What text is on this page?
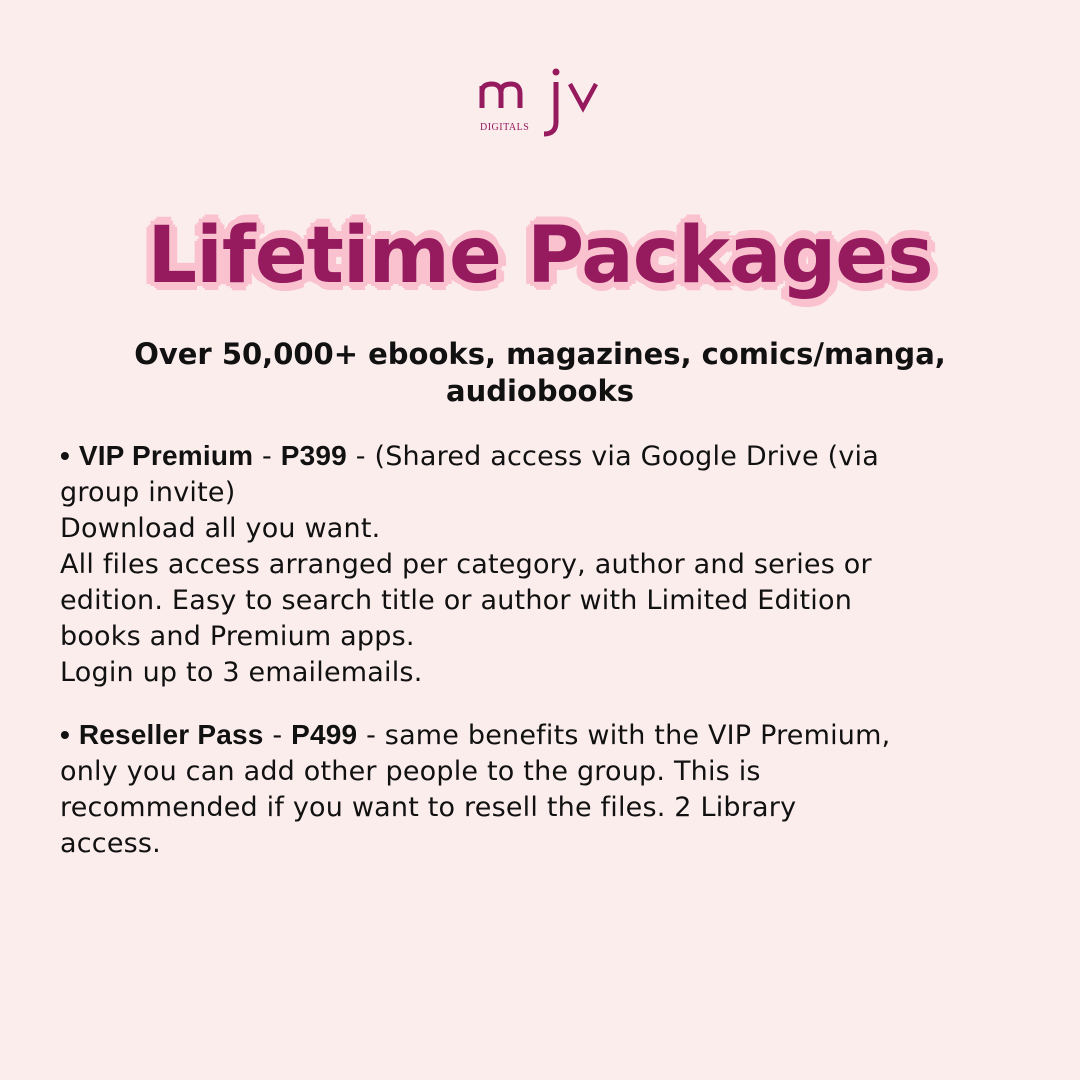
DIGITALS
Lifetime Packages
Over 50,000+ ebooks, magazines, comics/manga,
audiobooks
• VIP Premium - P399 - (Shared access via Google Drive (via
group invite)
Download all you want.
All files access arranged per category, author and series or
edition. Easy to search title or author with Limited Edition
books and Premium apps.
Login up to 3 emailemails.
• Reseller Pass - P499 - same benefits with the VIP Premium,
only you can add other people to the group. This is
recommended if you want to resell the files. 2 Library
access.
